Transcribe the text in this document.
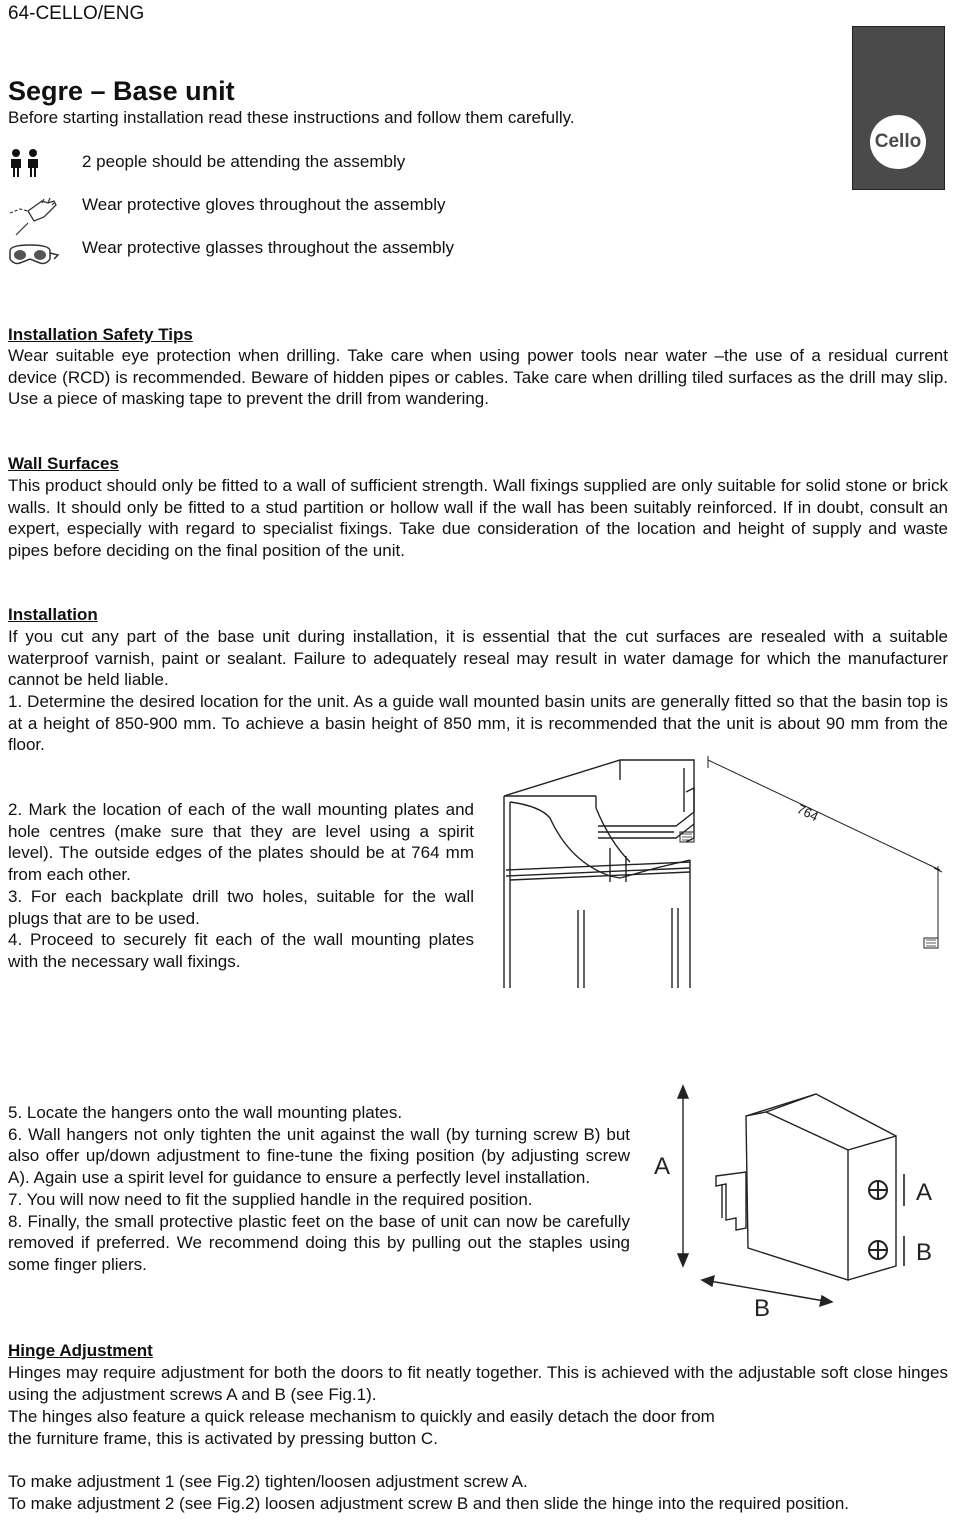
64-CELLO/ENG
Cello
Segre – Base unit
Before starting installation read these instructions and follow them carefully.
2 people should be attending the assembly
Wear protective gloves throughout the assembly
Wear protective glasses throughout the assembly
Installation Safety Tips

Wear suitable eye protection when drilling. Take care when using power tools near water –the use of a residual current device (RCD) is recommended. Beware of hidden pipes or cables. Take care when drilling tiled surfaces as the drill may slip. Use a piece of masking tape to prevent the drill from wandering.

Wall Surfaces

This product should only be fitted to a wall of sufficient strength. Wall fixings supplied are only suitable for solid stone or brick walls. It should only be fitted to a stud partition or hollow wall if the wall has been suitably reinforced. If in doubt, consult an expert, especially with regard to specialist fixings. Take due consideration of the location and height of supply and waste pipes before deciding on the final position of the unit.

Installation

If you cut any part of the base unit during installation, it is essential that the cut surfaces are resealed with a suitable waterproof varnish, paint or sealant. Failure to adequately reseal may result in water damage for which the manufacturer cannot be held liable.

1. Determine the desired location for the unit. As a guide wall mounted basin units are generally fitted so that the basin top is at a height of 850-900 mm. To achieve a basin height of 850 mm, it is recommended that the unit is about 90 mm from the floor.

2. Mark the location of each of the wall mounting plates and hole centres (make sure that they are level using a spirit level). The outside edges of the plates should be at 764 mm from each other.

3. For each backplate drill two holes, suitable for the wall plugs that are to be used.

4. Proceed to securely fit each of the wall mounting plates with the necessary wall fixings.

764

5. Locate the hangers onto the wall mounting plates.

6. Wall hangers not only tighten the unit against the wall (by turning screw B) but also offer up/down adjustment to fine-tune the fixing position (by adjusting screw A). Again use a spirit level for guidance to ensure a perfectly level installation.

7. You will now need to fit the supplied handle in the required position.

8. Finally, the small protective plastic feet on the base of unit can now be carefully removed if preferred. We recommend doing this by pulling out the staples using some finger pliers.

A
A
B
B
Hinge Adjustment

Hinges may require adjustment for both the doors to fit neatly together. This is achieved with the adjustable soft close hinges using the adjustment screws A and B (see Fig.1).

The hinges also feature a quick release mechanism to quickly and easily detach the door from
the furniture frame, this is activated by pressing button C.
To make adjustment 1 (see Fig.2) tighten/loosen adjustment screw A.
To make adjustment 2 (see Fig.2) loosen adjustment screw B and then slide the hinge into the required position.
